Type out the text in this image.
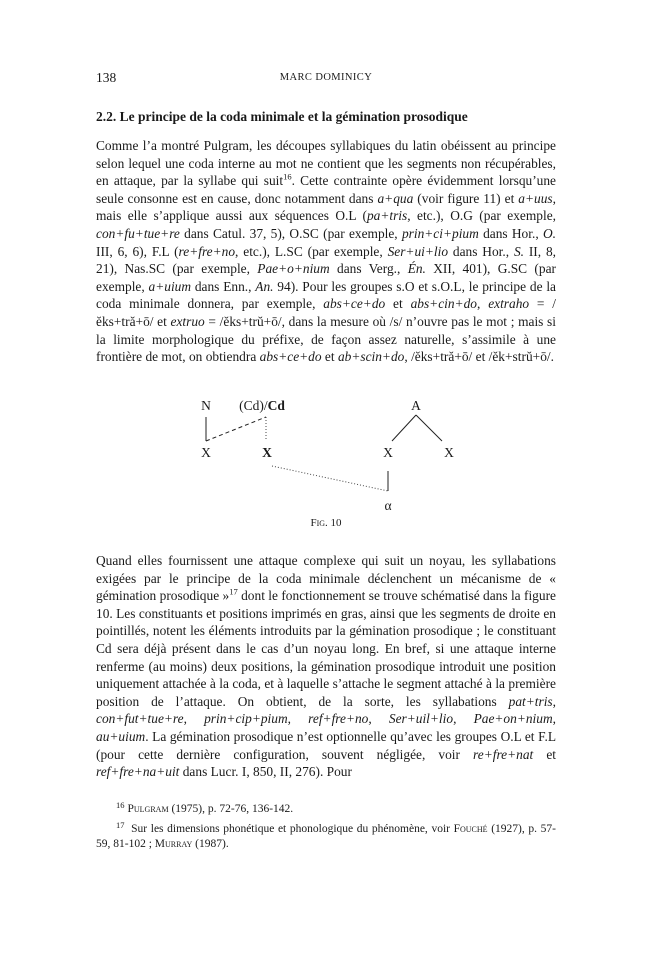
138	MARC DOMINICY
2.2. Le principe de la coda minimale et la gémination prosodique

Comme l’a montré Pulgram, les découpes syllabiques du latin obéissent au principe selon lequel une coda interne au mot ne contient que les segments non récupérables, en attaque, par la syllabe qui suit$^{16}$. Cette contrainte opère évidemment lorsqu’une seule consonne est en cause, donc notamment dans a+qua (voir figure 11) et a+uus, mais elle s’applique aussi aux séquences O.L (pa+tris, etc.), O.G (par exemple, con+fu+tue+re dans Catul. 37, 5), O.SC (par exemple, prin+ci+pium dans Hor., O. III, 6, 6), F.L (re+fre+no, etc.), L.SC (par exemple, Ser+ui+lio dans Hor., S. II, 8, 21), Nas.SC (par exemple, Pae+o+nium dans Verg., Én. XII, 401), G.SC (par exemple, a+uium dans Enn., An. 94). Pour les groupes s.O et s.O.L, le principe de la coda minimale donnera, par exemple, abs+ce+do et abs+cin+do, extraho = /ĕks+tră+ō/ et extruo = /ĕks+trŭ+ō/, dans la mesure où /s/ n’ouvre pas le mot ; mais si la limite morphologique du préfixe, de façon assez naturelle, s’assimile à une frontière de mot, on obtiendra abs+ce+do et ab+scin+do, /ĕks+tră+ō/ et /ĕk+strŭ+ō/.

N (Cd)/Cd	A
X	X	X	X
α
Fig. 10

Quand elles fournissent une attaque complexe qui suit un noyau, les syllabations exigées par le principe de la coda minimale déclenchent un mécanisme de « gémination prosodique »$^{17}$ dont le fonctionnement se trouve schématisé dans la figure 10. Les constituants et positions imprimés en gras, ainsi que les segments de droite en pointillés, notent les éléments introduits par la gémination prosodique ; le constituant Cd sera déjà présent dans le cas d’un noyau long. En bref, si une attaque interne renferme (au moins) deux positions, la gémination prosodique introduit une position uniquement attachée à la coda, et à laquelle s’attache le segment attaché à la première position de l’attaque. On obtient, de la sorte, les syllabations pat+tris, con+fut+tue+re, prin+cip+pium, ref+fre+no, Ser+uil+lio, Pae+on+nium, au+uium. La gémination prosodique n’est optionnelle qu’avec les groupes O.L et F.L (pour cette dernière configuration, souvent négligée, voir re+fre+nat et ref+fre+na+uit dans Lucr. I, 850, II, 276). Pour

$^{16}$ Pulgram (1975), p. 72-76, 136-142.

$^{17}$ Sur les dimensions phonétique et phonologique du phénomène, voir Fouché (1927), p. 57-59, 81-102 ; Murray (1987).
